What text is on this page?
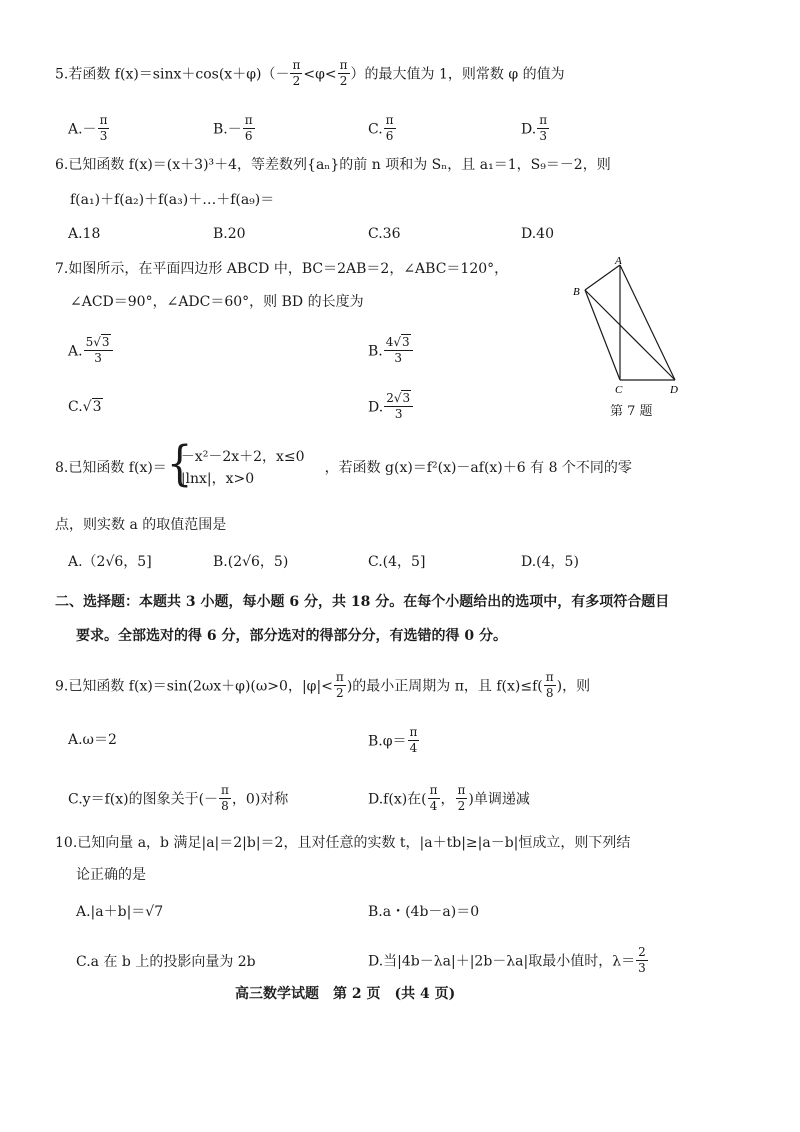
5.若函数 $f(x)=\sin x+\cos(x+\varphi)(- \frac{\pi}{2} <\varphi< \frac{\pi}{2}$ ）的最大值为 1，则常数 φ 的值为
$A.- \frac{\pi}{3}$	$B.- \frac{\pi}{6}$	C. $\frac{\pi}{6}$	D. $\frac{\pi}{3}$
6.已知函数 f(x)＝(x＋3)³＋4，等差数列{aₙ}的前 n 项和为 Sₙ，且 a₁＝1，S₉＝－2，则
f(a₁)＋f(a₂)＋f(a₃)＋…＋f(a₉)＝
A.18	B.20	C.36	D.40
7.如图所示，在平面四边形 ABCD 中，BC＝2AB＝2，∠ABC＝120°，
∠ACD＝90°，∠ADC＝60°，则 BD 的长度为
A. $\frac{5√3}{3}$	B. $\frac{4√3}{3}$
C.√3	D. $\frac{2√3}{3}$
A
B
C	D
第 7 题
8.已知函数 f(x)＝ {
－x²－2x＋2，x≤0
|lnx|，x>0
，若函数 g(x)＝f²(x)－af(x)＋6 有 8 个不同的零
点，则实数 a 的取值范围是
A.（2√6，5]	B.(2√6，5)	C.(4，5]	D.(4，5)
二、选择题：本题共 3 小题，每小题 6 分，共 18 分。在每个小题给出的选项中，有多项符合题目
要求。全部选对的得 6 分，部分选对的得部分分，有选错的得 0 分。
9.已知函数 f(x)＝sin(2ωx＋φ)(ω>0，$|\varphi|< \frac{\pi}{2}$ )的最小正周期为 π，且 $f(x)\le f( \frac{\pi}{8}$ )，则
A.ω＝2	$B.\varphi= \frac{\pi}{4}$
C.y＝f(x)的图象关于(－ $\frac{\pi}{8}$ ，0)对称	D.f(x)在( $\frac{\pi}{4}$ ， $\frac{\pi}{2}$ )单调递减
10.已知向量 a，b 满足|a|＝2|b|＝2，且对任意的实数 t，|a＋tb|≥|a－b|恒成立，则下列结
论正确的是
A.|a＋b|＝√7	B.a・(4b－a)＝0
C.a 在 b 上的投影向量为 2b	D.当|4b－λa|＋|2b－λa|取最小值时，$\lambda= \frac{2}{3}$
高三数学试题　第 2 页　(共 4 页)
